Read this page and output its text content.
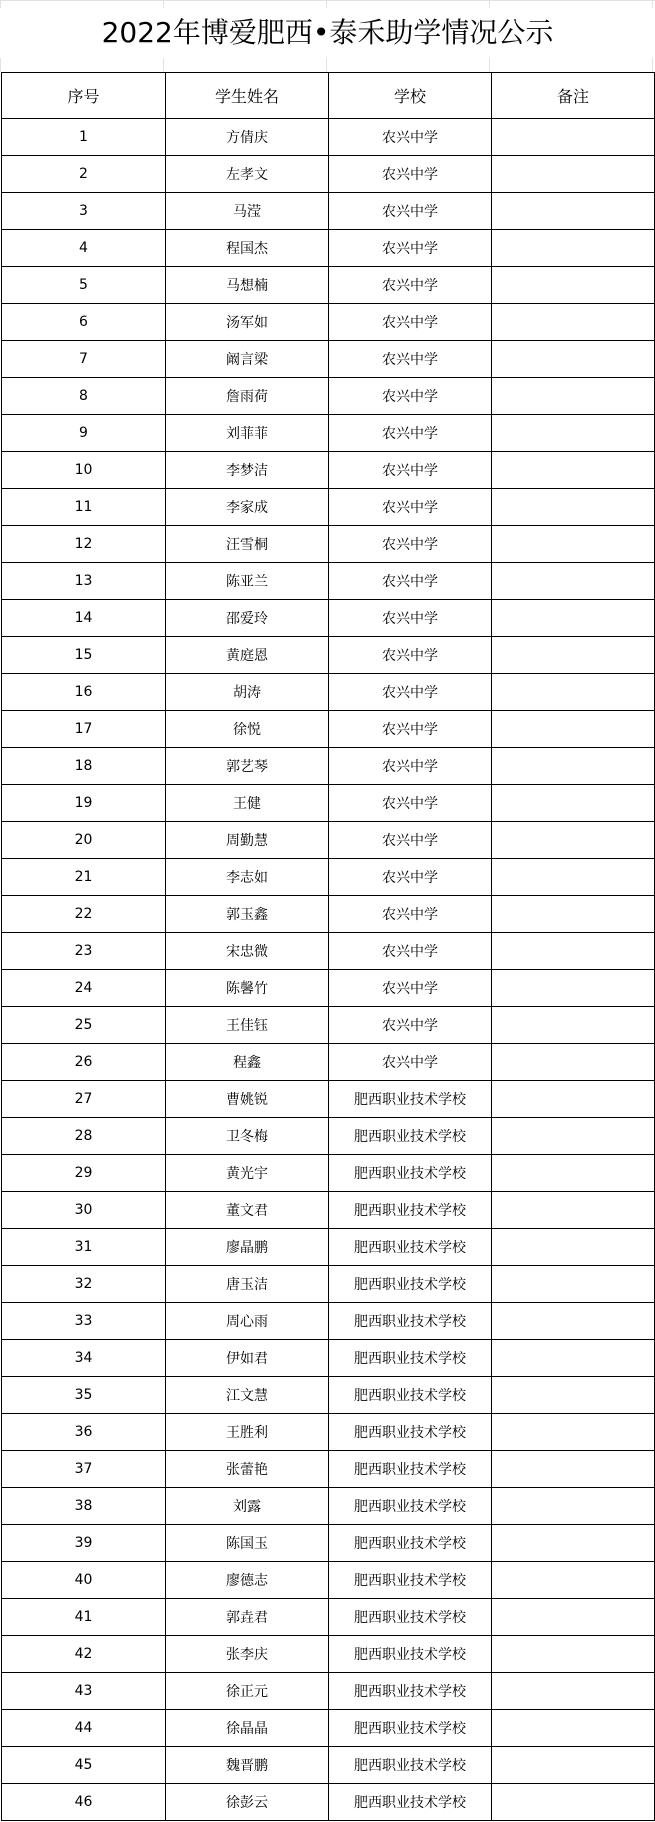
2022年博爱肥西•泰禾助学情况公示
序号	学生姓名	学校	备注
1	方倩庆	农兴中学	
2	左孝文	农兴中学	
3	马滢	农兴中学	
4	程国杰	农兴中学	
5	马想楠	农兴中学	
6	汤军如	农兴中学	
7	阚言梁	农兴中学	
8	詹雨荷	农兴中学	
9	刘菲菲	农兴中学	
10	李梦洁	农兴中学	
11	李家成	农兴中学	
12	汪雪桐	农兴中学	
13	陈亚兰	农兴中学	
14	邵爱玲	农兴中学	
15	黄庭恩	农兴中学	
16	胡涛	农兴中学	
17	徐悦	农兴中学	
18	郭艺琴	农兴中学	
19	王健	农兴中学	
20	周勤慧	农兴中学	
21	李志如	农兴中学	
22	郭玉鑫	农兴中学	
23	宋忠微	农兴中学	
24	陈馨竹	农兴中学	
25	王佳钰	农兴中学	
26	程鑫	农兴中学	
27	曹姚锐	肥西职业技术学校	
28	卫冬梅	肥西职业技术学校	
29	黄光宇	肥西职业技术学校	
30	董文君	肥西职业技术学校	
31	廖晶鹏	肥西职业技术学校	
32	唐玉洁	肥西职业技术学校	
33	周心雨	肥西职业技术学校	
34	伊如君	肥西职业技术学校	
35	江文慧	肥西职业技术学校	
36	王胜利	肥西职业技术学校	
37	张蕾艳	肥西职业技术学校	
38	刘露	肥西职业技术学校	
39	陈国玉	肥西职业技术学校	
40	廖德志	肥西职业技术学校	
41	郭垚君	肥西职业技术学校	
42	张李庆	肥西职业技术学校	
43	徐正元	肥西职业技术学校	
44	徐晶晶	肥西职业技术学校	
45	魏晋鹏	肥西职业技术学校	
46	徐彭云	肥西职业技术学校	
